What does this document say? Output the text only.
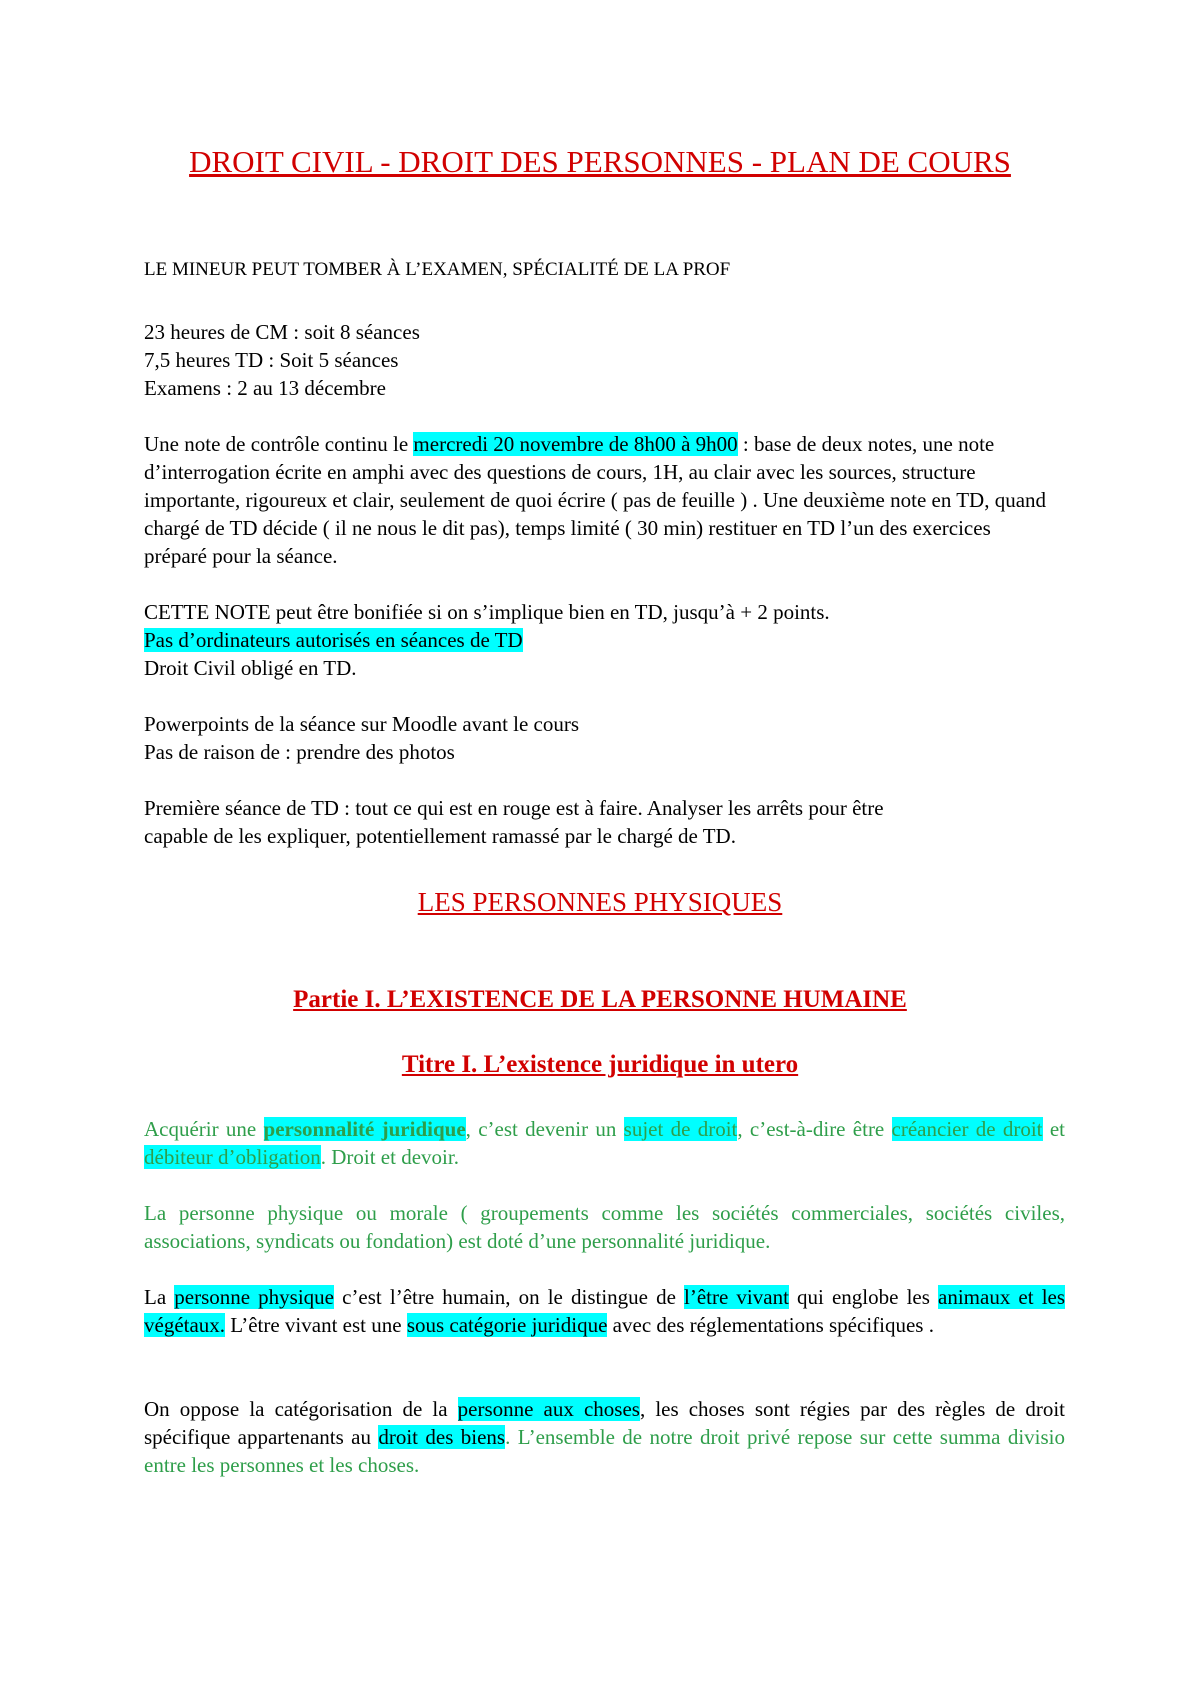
DROIT CIVIL - DROIT DES PERSONNES - PLAN DE COURS
LE MINEUR PEUT TOMBER À L’EXAMEN, SPÉCIALITÉ DE LA PROF
23 heures de CM : soit 8 séances
7,5 heures TD : Soit 5 séances
Examens : 2 au 13 décembre
Une note de contrôle continu le mercredi 20 novembre de 8h00 à 9h00 : base de deux notes, une note d’interrogation écrite en amphi avec des questions de cours, 1H, au clair avec les sources, structure importante, rigoureux et clair, seulement de quoi écrire ( pas de feuille ) . Une deuxième note en TD, quand chargé de TD décide ( il ne nous le dit pas), temps limité ( 30 min) restituer en TD l’un des exercices préparé pour la séance.
CETTE NOTE peut être bonifiée si on s’implique bien en TD, jusqu’à + 2 points.
Pas d’ordinateurs autorisés en séances de TD
Droit Civil obligé en TD.
Powerpoints de la séance sur Moodle avant le cours
Pas de raison de : prendre des photos
Première séance de TD : tout ce qui est en rouge est à faire. Analyser les arrêts pour être
capable de les expliquer, potentiellement ramassé par le chargé de TD.
LES PERSONNES PHYSIQUES
Partie I. L’EXISTENCE DE LA PERSONNE HUMAINE
Titre I. L’existence juridique in utero
Acquérir une personnalité juridique, c’est devenir un sujet de droit, c’est-à-dire être créancier de droit et débiteur d’obligation. Droit et devoir.
La personne physique ou morale ( groupements comme les sociétés commerciales, sociétés civiles, associations, syndicats ou fondation) est doté d’une personnalité juridique.
La personne physique c’est l’être humain, on le distingue de l’être vivant qui englobe les animaux et les végétaux. L’être vivant est une sous catégorie juridique avec des réglementations spécifiques .
On oppose la catégorisation de la personne aux choses, les choses sont régies par des règles de droit spécifique appartenants au droit des biens. L’ensemble de notre droit privé repose sur cette summa divisio entre les personnes et les choses.
